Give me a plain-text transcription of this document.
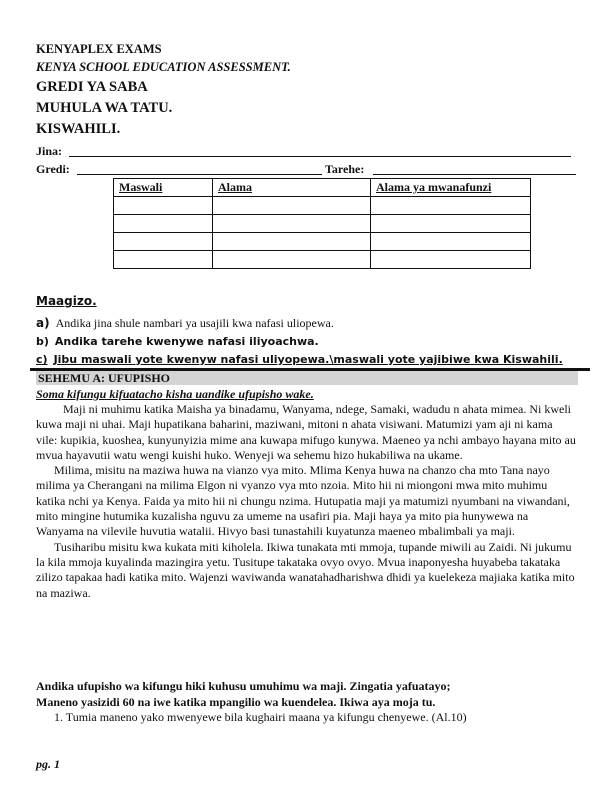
KENYAPLEX EXAMS
KENYA SCHOOL EDUCATION ASSESSMENT.
GREDI YA SABA
MUHULA WA TATU.
KISWAHILI.
Jina:
Gredi:	Tarehe:
Maswali	Alama	Alama ya mwanafunzi

Maagizo.
a) Andika jina shule nambari ya usajili kwa nafasi uliopewa.
b) Andika tarehe kwenywe nafasi iliyoachwa.
c) Jibu maswali yote kwenyw nafasi uliyopewa.\maswali yote yajibiwe kwa Kiswahili.
SEHEMU A: UFUPISHO
Soma kifungu kifuatacho kisha uandike ufupisho wake.

Maji ni muhimu katika Maisha ya binadamu, Wanyama, ndege, Samaki, wadudu n ahata mimea. Ni kweli kuwa maji ni uhai. Maji hupatikana baharini, maziwani, mitoni n ahata visiwani. Matumizi yam aji ni kama vile: kupikia, kuoshea, kunyunyizia mime ana kuwapa mifugo kunywa. Maeneo ya nchi ambayo hayana mito au mvua hayavutii watu wengi kuishi huko. Wenyeji wa sehemu hizo hukabiliwa na ukame.

Milima, misitu na maziwa huwa na vianzo vya mito. Mlima Kenya huwa na chanzo cha mto Tana nayo milima ya Cherangani na milima Elgon ni vyanzo vya mto nzoia. Mito hii ni miongoni mwa mito muhimu katika nchi ya Kenya. Faida ya mito hii ni chungu nzima. Hutupatia maji ya matumizi nyumbani na viwandani, mito mingine hutumika kuzalisha nguvu za umeme na usafiri pia. Maji haya ya mito pia hunywewa na Wanyama na vilevile huvutia watalii. Hivyo basi tunastahili kuyatunza maeneo mbalimbali ya maji.

Tusiharibu misitu kwa kukata miti kiholela. Ikiwa tunakata mti mmoja, tupande miwili au Zaidi. Ni jukumu la kila mmoja kuyalinda mazingira yetu. Tusitupe takataka ovyo ovyo. Mvua inaponyesha huyabeba takataka zilizo tapakaa hadi katika mito. Wajenzi waviwanda wanatahadharishwa dhidi ya kuelekeza majiaka katika mito na maziwa.

Andika ufupisho wa kifungu hiki kuhusu umuhimu wa maji. Zingatia yafuatayo;
Maneno yasizidi 60 na iwe katika mpangilio wa kuendelea. Ikiwa aya moja tu.
1. Tumia maneno yako mwenyewe bila kughairi maana ya kifungu chenyewe. (Al.10)
pg. 1
